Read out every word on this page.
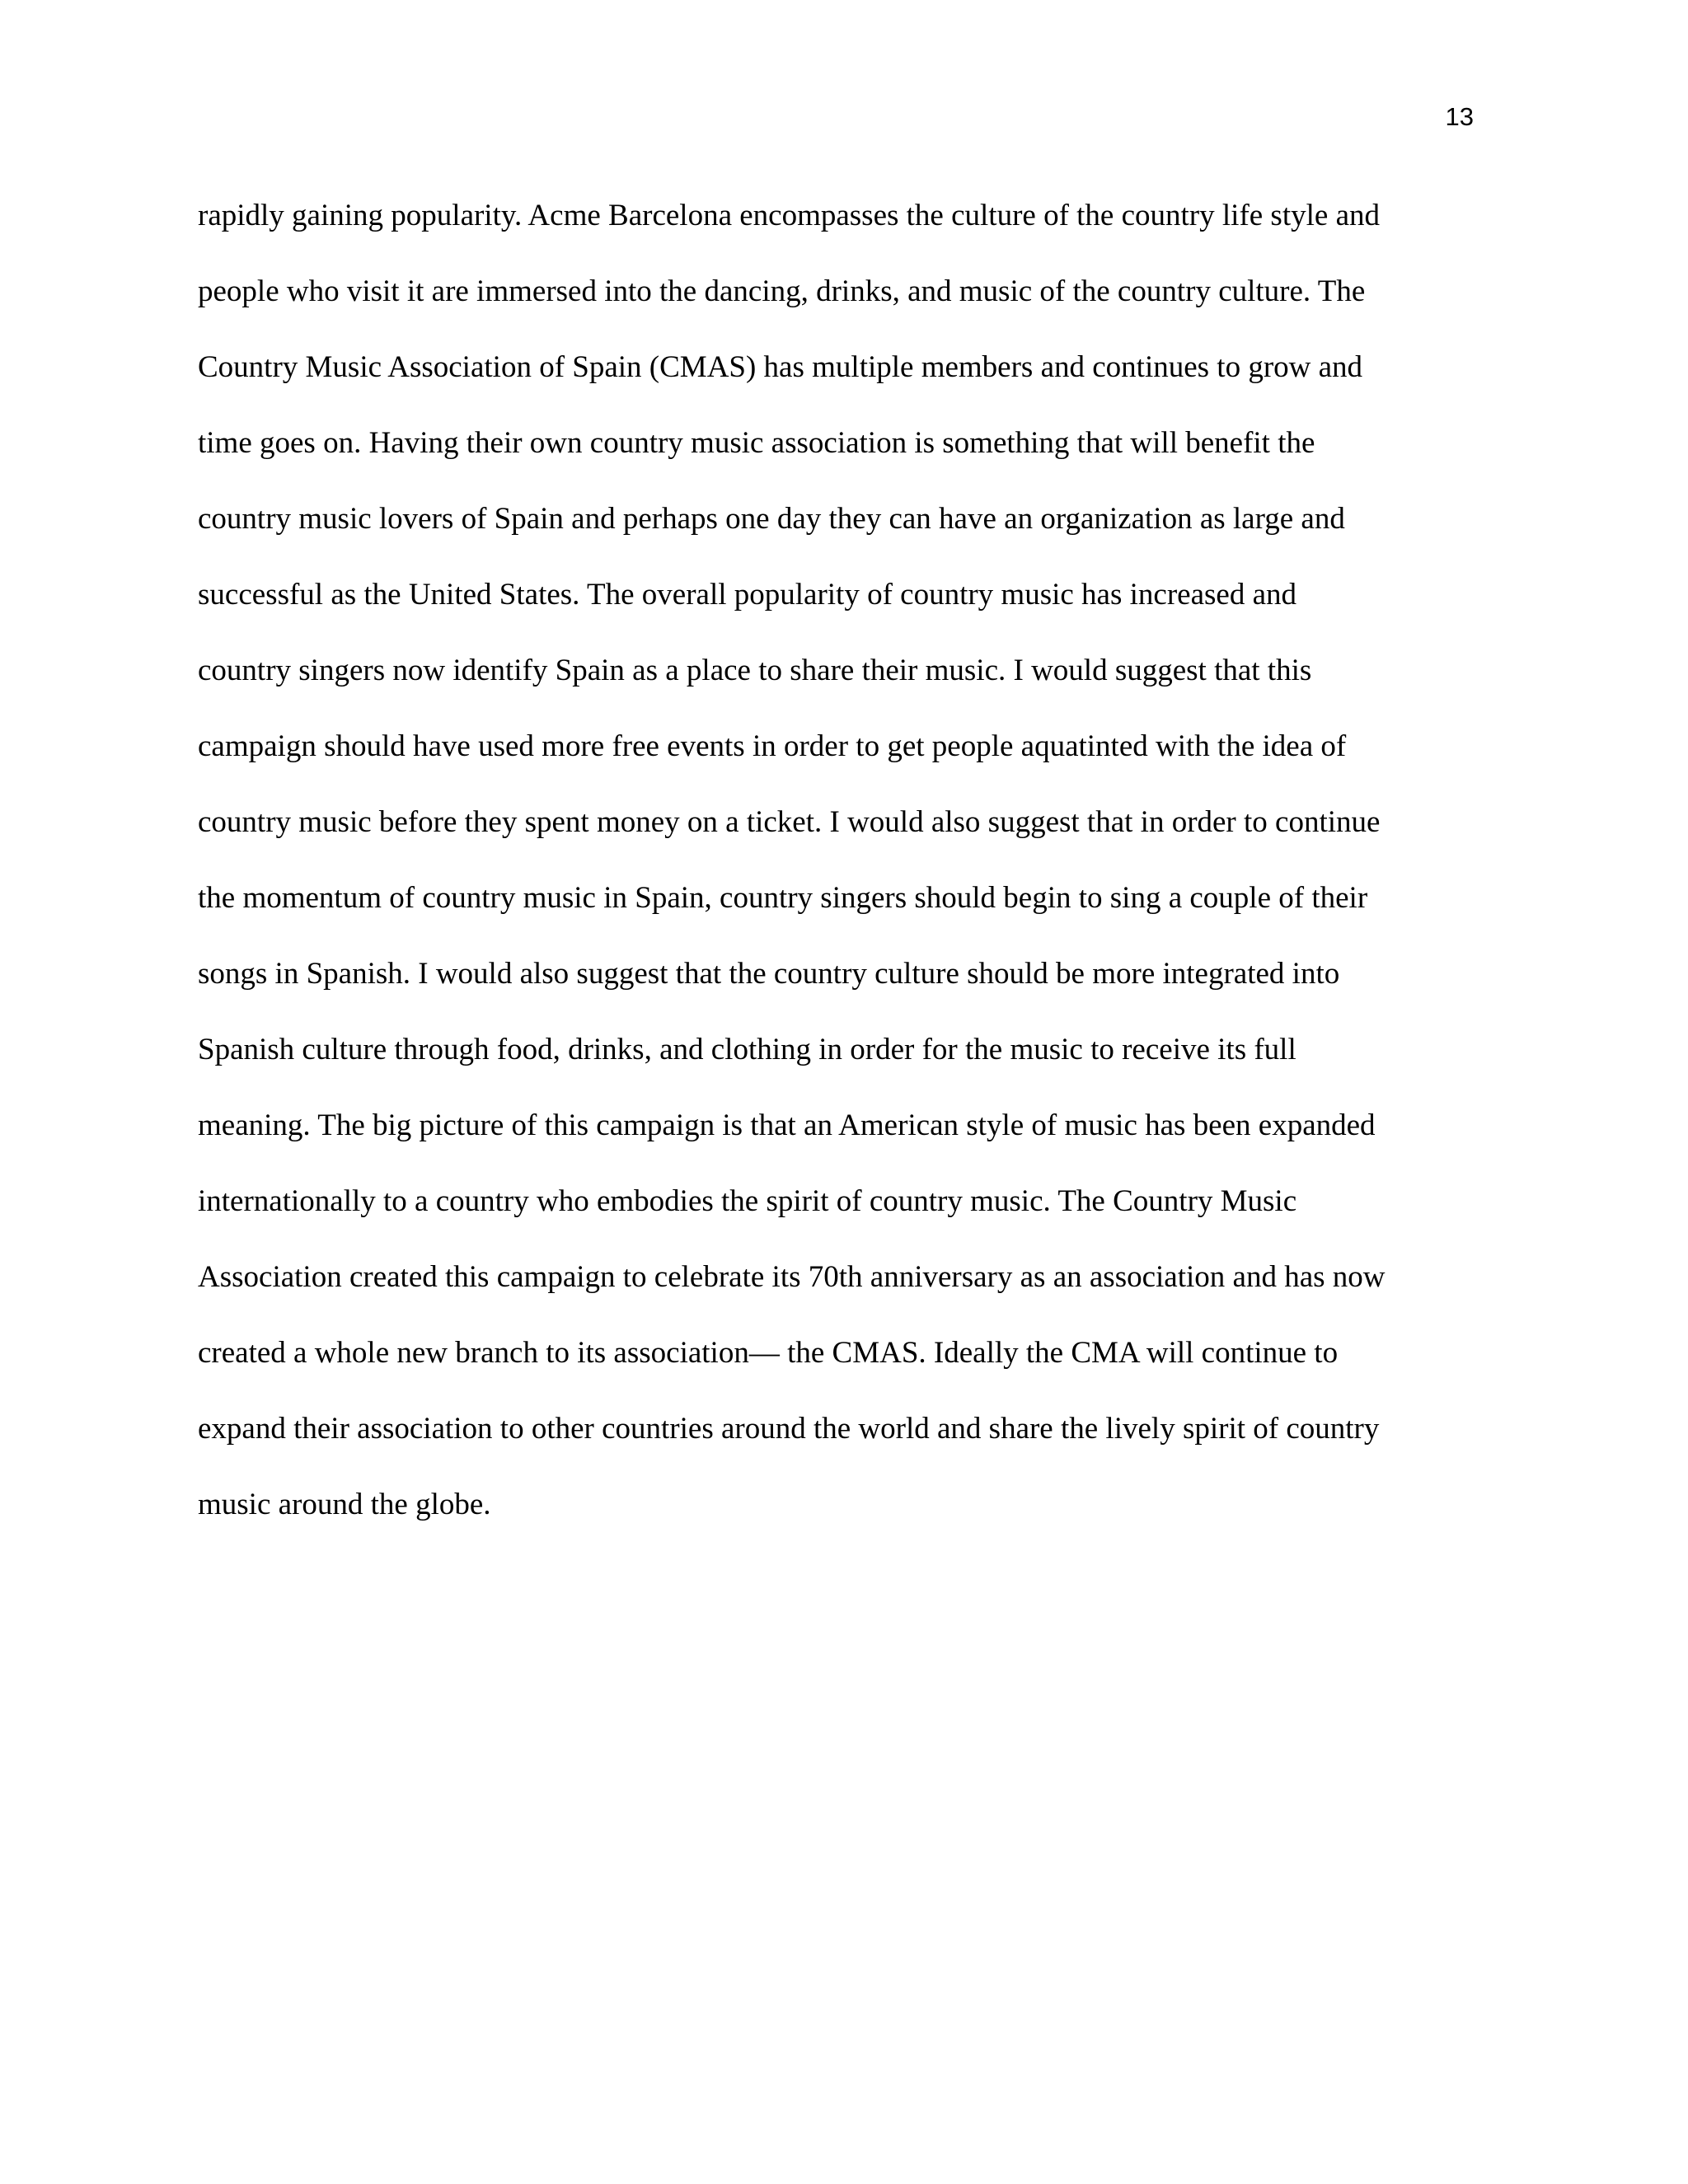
13
rapidly gaining popularity. Acme Barcelona encompasses the culture of the country life style and
people who visit it are immersed into the dancing, drinks, and music of the country culture. The
Country Music Association of Spain (CMAS) has multiple members and continues to grow and
time goes on. Having their own country music association is something that will benefit the
country music lovers of Spain and perhaps one day they can have an organization as large and
successful as the United States. The overall popularity of country music has increased and
country singers now identify Spain as a place to share their music. I would suggest that this
campaign should have used more free events in order to get people aquatinted with the idea of
country music before they spent money on a ticket. I would also suggest that in order to continue
the momentum of country music in Spain, country singers should begin to sing a couple of their
songs in Spanish. I would also suggest that the country culture should be more integrated into
Spanish culture through food, drinks, and clothing in order for the music to receive its full
meaning. The big picture of this campaign is that an American style of music has been expanded
internationally to a country who embodies the spirit of country music. The Country Music
Association created this campaign to celebrate its 70th anniversary as an association and has now
created a whole new branch to its association— the CMAS. Ideally the CMA will continue to
expand their association to other countries around the world and share the lively spirit of country
music around the globe.
